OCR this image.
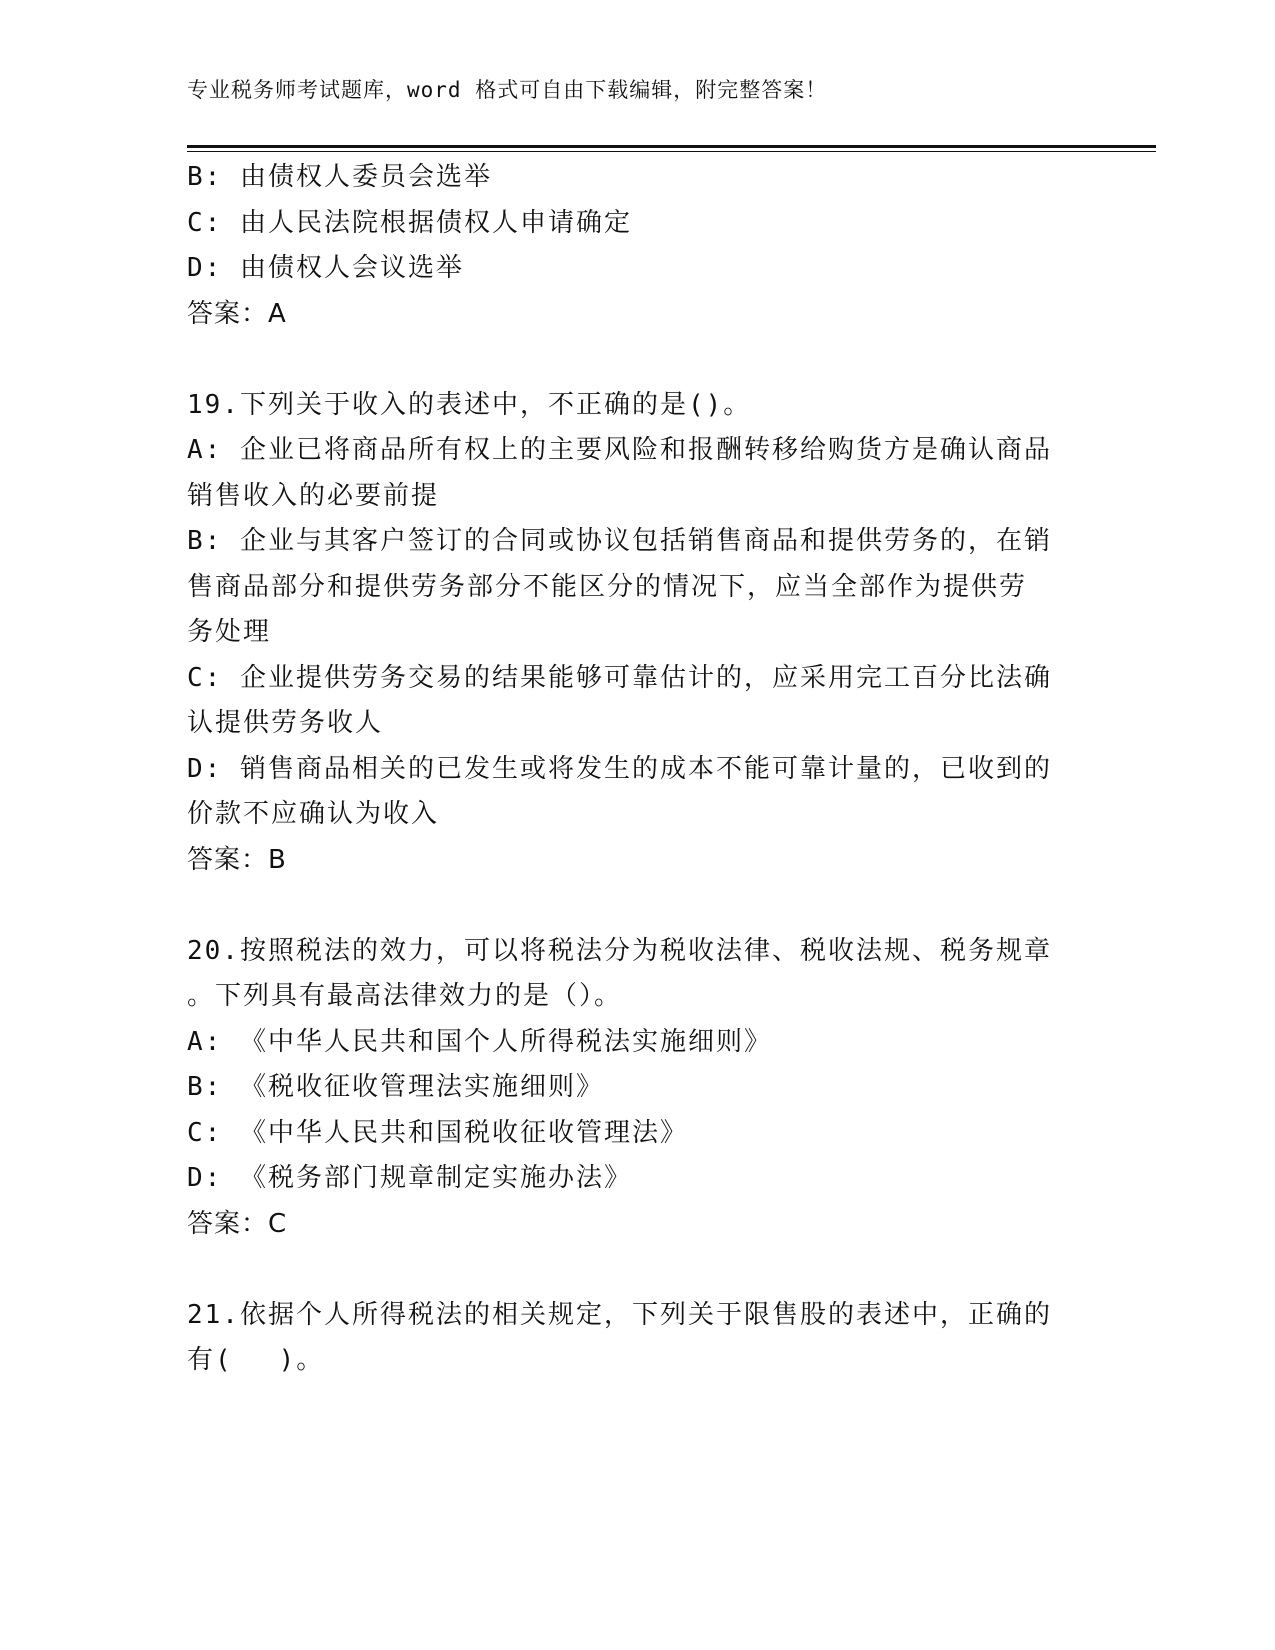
专业税务师考试题库，word 格式可自由下载编辑，附完整答案！
B: 由债权人委员会选举
C: 由人民法院根据债权人申请确定
D: 由债权人会议选举
答案：A
19.下列关于收入的表述中，不正确的是()。
A: 企业已将商品所有权上的主要风险和报酬转移给购货方是确认商品
销售收入的必要前提
B: 企业与其客户签订的合同或协议包括销售商品和提供劳务的，在销
售商品部分和提供劳务部分不能区分的情况下，应当全部作为提供劳
务处理
C: 企业提供劳务交易的结果能够可靠估计的，应采用完工百分比法确
认提供劳务收人
D: 销售商品相关的已发生或将发生的成本不能可靠计量的，已收到的
价款不应确认为收入
答案：B
20.按照税法的效力，可以将税法分为税收法律、税收法规、税务规章
。下列具有最高法律效力的是（）。
A: 《中华人民共和国个人所得税法实施细则》
B: 《税收征收管理法实施细则》
C: 《中华人民共和国税收征收管理法》
D: 《税务部门规章制定实施办法》
答案：C
21.依据个人所得税法的相关规定，下列关于限售股的表述中，正确的
有( )。
